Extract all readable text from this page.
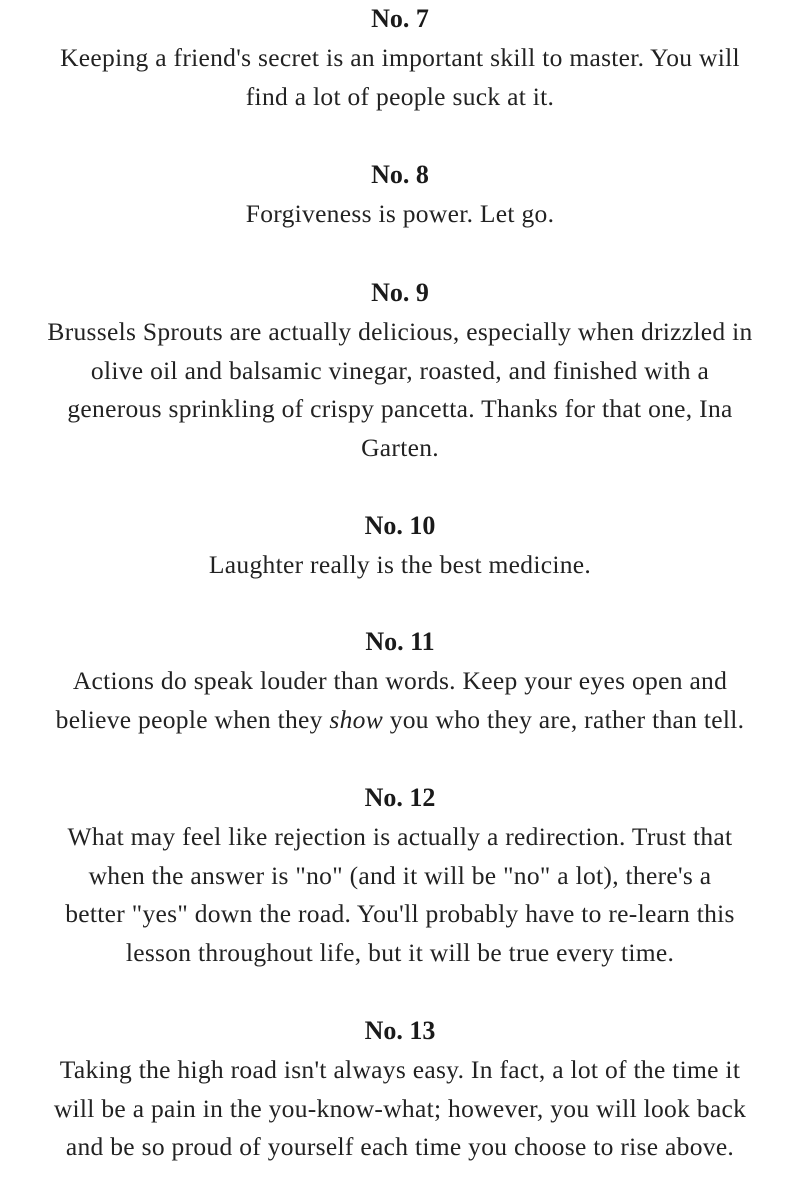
No. 7
Keeping a friend's secret is an important skill to master. You will
find a lot of people suck at it.
No. 8
Forgiveness is power. Let go.
No. 9
Brussels Sprouts are actually delicious, especially when drizzled in
olive oil and balsamic vinegar, roasted, and finished with a
generous sprinkling of crispy pancetta. Thanks for that one, Ina
Garten.
No. 10
Laughter really is the best medicine.
No. 11
Actions do speak louder than words. Keep your eyes open and
believe people when they show you who they are, rather than tell.
No. 12
What may feel like rejection is actually a redirection. Trust that
when the answer is "no" (and it will be "no" a lot), there's a
better "yes" down the road. You'll probably have to re-learn this
lesson throughout life, but it will be true every time.
No. 13
Taking the high road isn't always easy. In fact, a lot of the time it
will be a pain in the you-know-what; however, you will look back
and be so proud of yourself each time you choose to rise above.
